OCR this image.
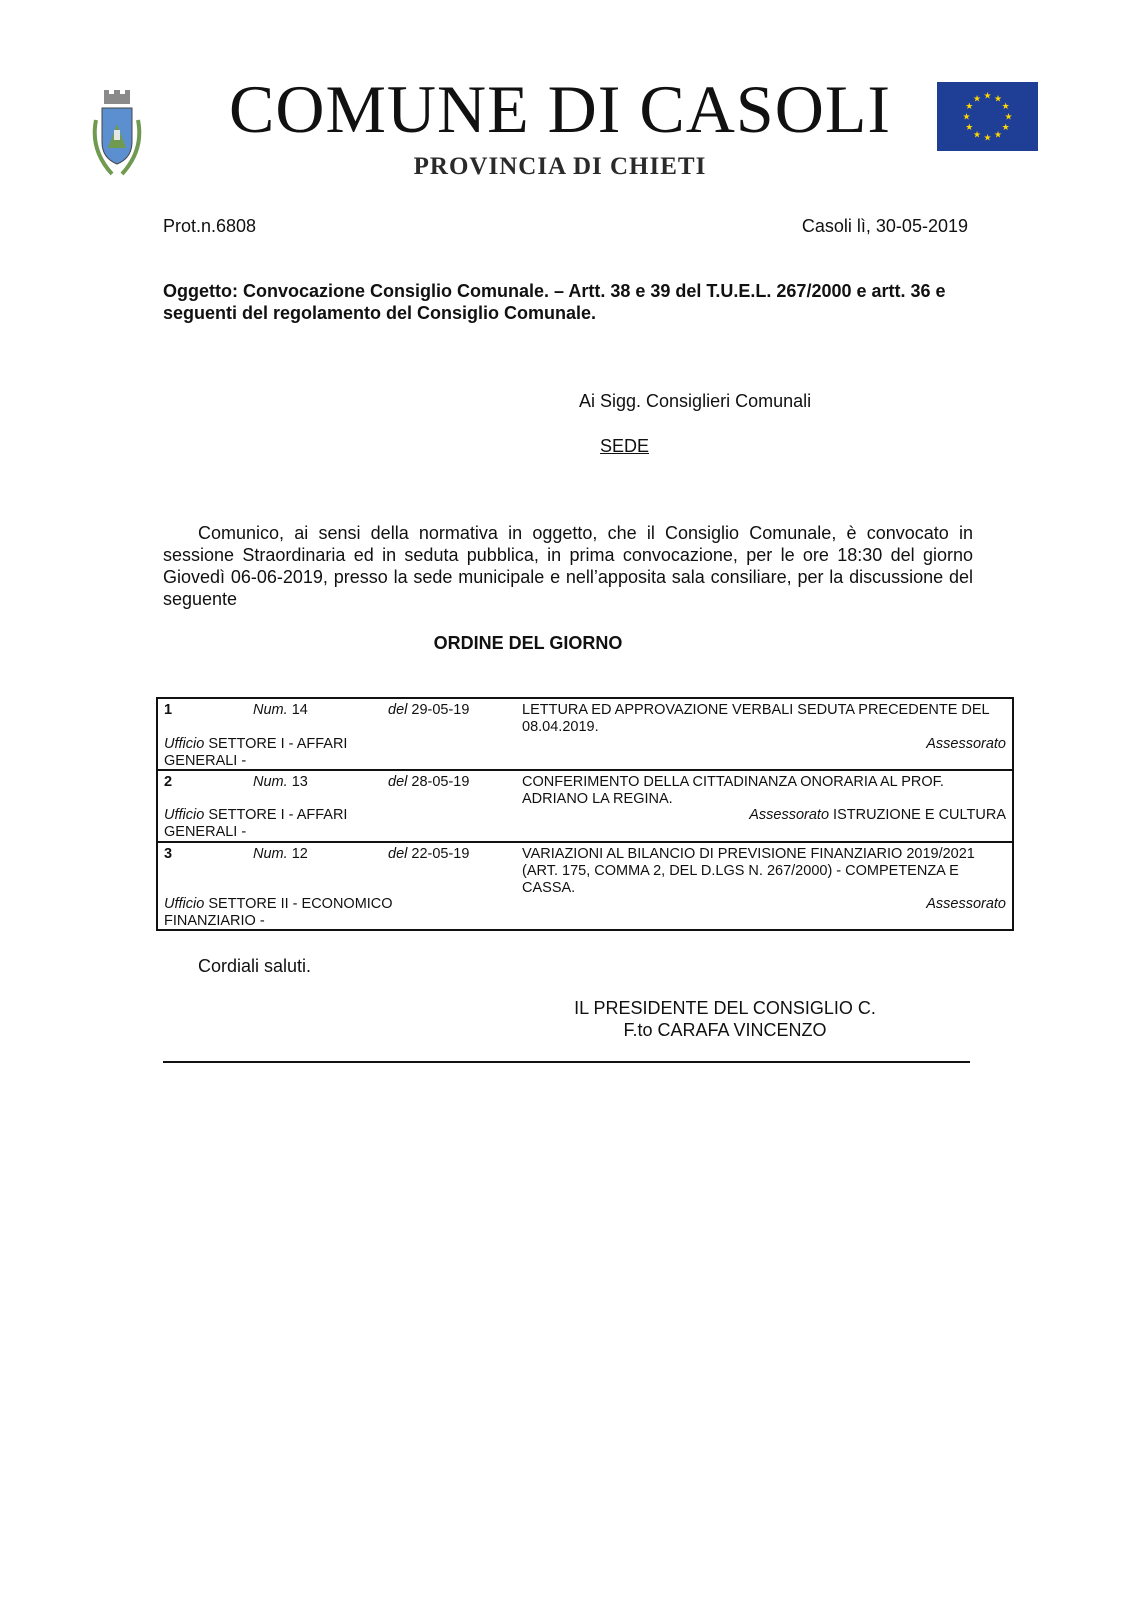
COMUNE DI CASOLI
PROVINCIA DI CHIETI
★ ★
★
★
★
★
★
★
★
★
★
★
Prot.n.6808	Casoli lì, 30-05-2019
Oggetto: Convocazione Consiglio Comunale. – Artt. 38 e 39 del T.U.E.L. 267/2000 e artt. 36 e seguenti del regolamento del Consiglio Comunale.
Ai Sigg. Consiglieri Comunali
SEDE
Comunico, ai sensi della normativa in oggetto, che il Consiglio Comunale, è convocato in sessione Straordinaria ed in seduta pubblica, in prima convocazione, per le ore 18:30 del giorno Giovedì 06-06-2019, presso la sede municipale e nell’apposita sala consiliare, per la discussione del seguente
ORDINE DEL GIORNO
1	Num. 14	del 29-05-19	LETTURA ED APPROVAZIONE VERBALI SEDUTA PRECEDENTE DEL 08.04.2019.
Ufficio SETTORE I - AFFARI GENERALI -
Assessorato
2	Num. 13	del 28-05-19	CONFERIMENTO DELLA CITTADINANZA ONORARIA AL PROF. ADRIANO LA REGINA.
Ufficio SETTORE I - AFFARI GENERALI -
Assessorato ISTRUZIONE E CULTURA
3	Num. 12	del 22-05-19	VARIAZIONI AL BILANCIO DI PREVISIONE FINANZIARIO 2019/2021 (ART. 175, COMMA 2, DEL D.LGS N. 267/2000) - COMPETENZA E CASSA.
Ufficio SETTORE II - ECONOMICO FINANZIARIO -
Assessorato
Cordiali saluti.
IL PRESIDENTE DEL CONSIGLIO C.
F.to CARAFA VINCENZO
